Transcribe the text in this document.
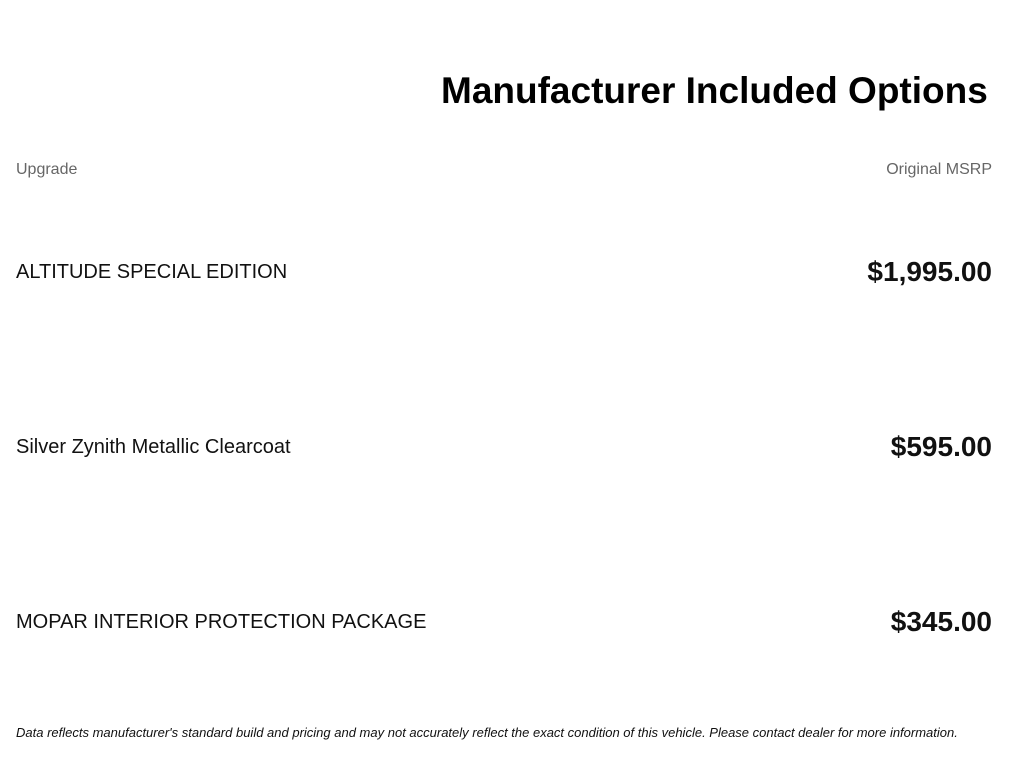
Manufacturer Included Options
Upgrade	Original MSRP
ALTITUDE SPECIAL EDITION	$1,995.00
Silver Zynith Metallic Clearcoat	$595.00
MOPAR INTERIOR PROTECTION PACKAGE	$345.00

Data reflects manufacturer's standard build and pricing and may not accurately reflect the exact condition of this vehicle. Please contact dealer for more information.
